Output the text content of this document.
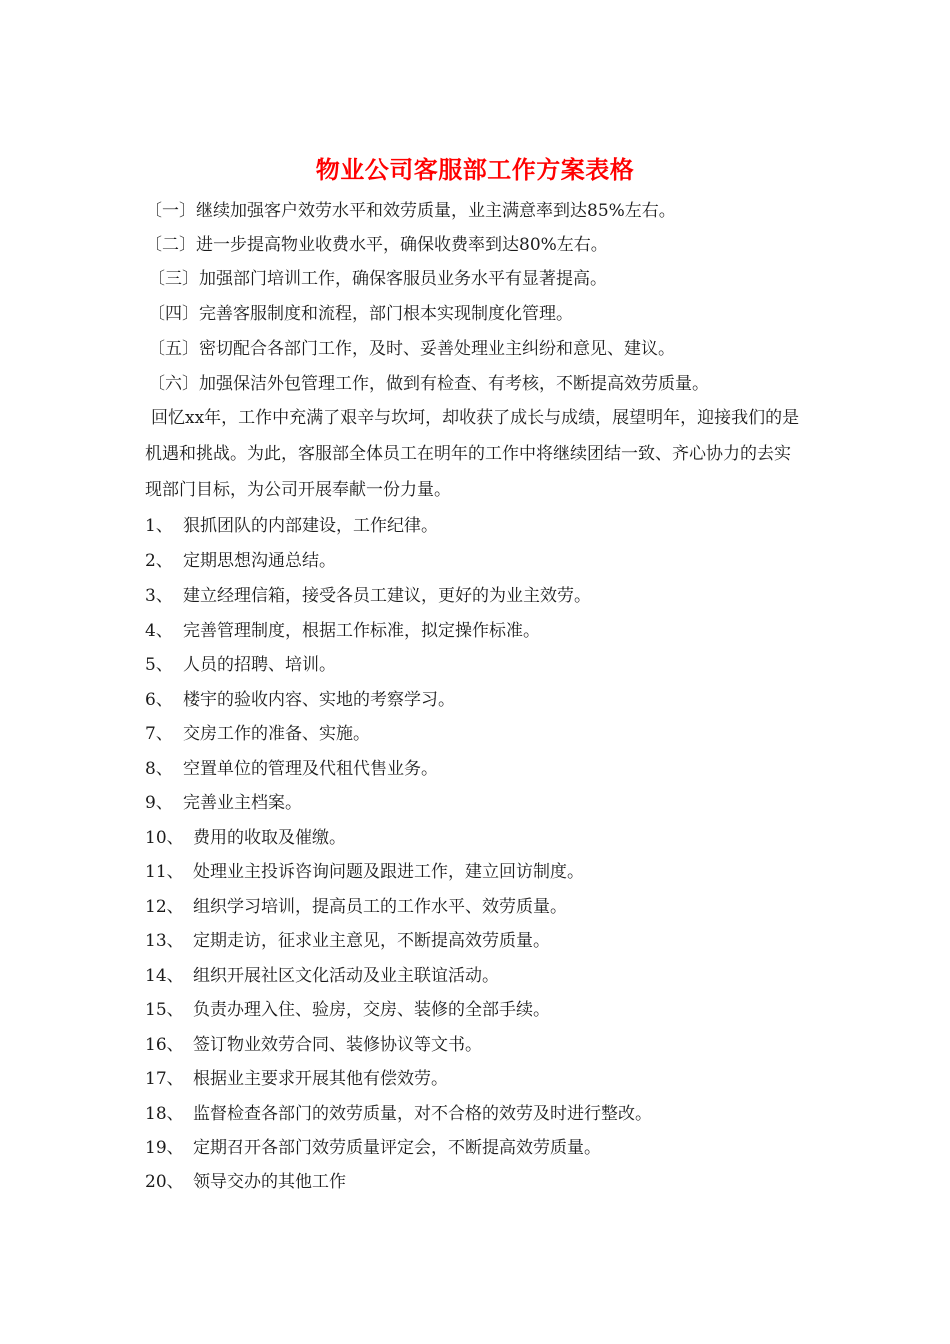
物业公司客服部工作方案表格
〔一〕继续加强客户效劳水平和效劳质量，业主满意率到达85%左右。
〔二〕进一步提高物业收费水平，确保收费率到达80%左右。
〔三〕加强部门培训工作，确保客服员业务水平有显著提高。
〔四〕完善客服制度和流程，部门根本实现制度化管理。
〔五〕密切配合各部门工作，及时、妥善处理业主纠纷和意见、建议。
〔六〕加强保洁外包管理工作，做到有检查、有考核，不断提高效劳质量。
回忆xx年，工作中充满了艰辛与坎坷，却收获了成长与成绩，展望明年，迎接我们的是机遇和挑战。为此，客服部全体员工在明年的工作中将继续团结一致、齐心协力的去实现部门目标，为公司开展奉献一份力量。
1、 狠抓团队的内部建设，工作纪律。
2、 定期思想沟通总结。
3、 建立经理信箱，接受各员工建议，更好的为业主效劳。
4、 完善管理制度，根据工作标准，拟定操作标准。
5、 人员的招聘、培训。
6、 楼宇的验收内容、实地的考察学习。
7、 交房工作的准备、实施。
8、 空置单位的管理及代租代售业务。
9、 完善业主档案。
10、 费用的收取及催缴。
11、 处理业主投诉咨询问题及跟进工作，建立回访制度。
12、 组织学习培训，提高员工的工作水平、效劳质量。
13、 定期走访，征求业主意见，不断提高效劳质量。
14、 组织开展社区文化活动及业主联谊活动。
15、 负责办理入住、验房，交房、装修的全部手续。
16、 签订物业效劳合同、装修协议等文书。
17、 根据业主要求开展其他有偿效劳。
18、 监督检查各部门的效劳质量，对不合格的效劳及时进行整改。
19、 定期召开各部门效劳质量评定会，不断提高效劳质量。
20、 领导交办的其他工作
